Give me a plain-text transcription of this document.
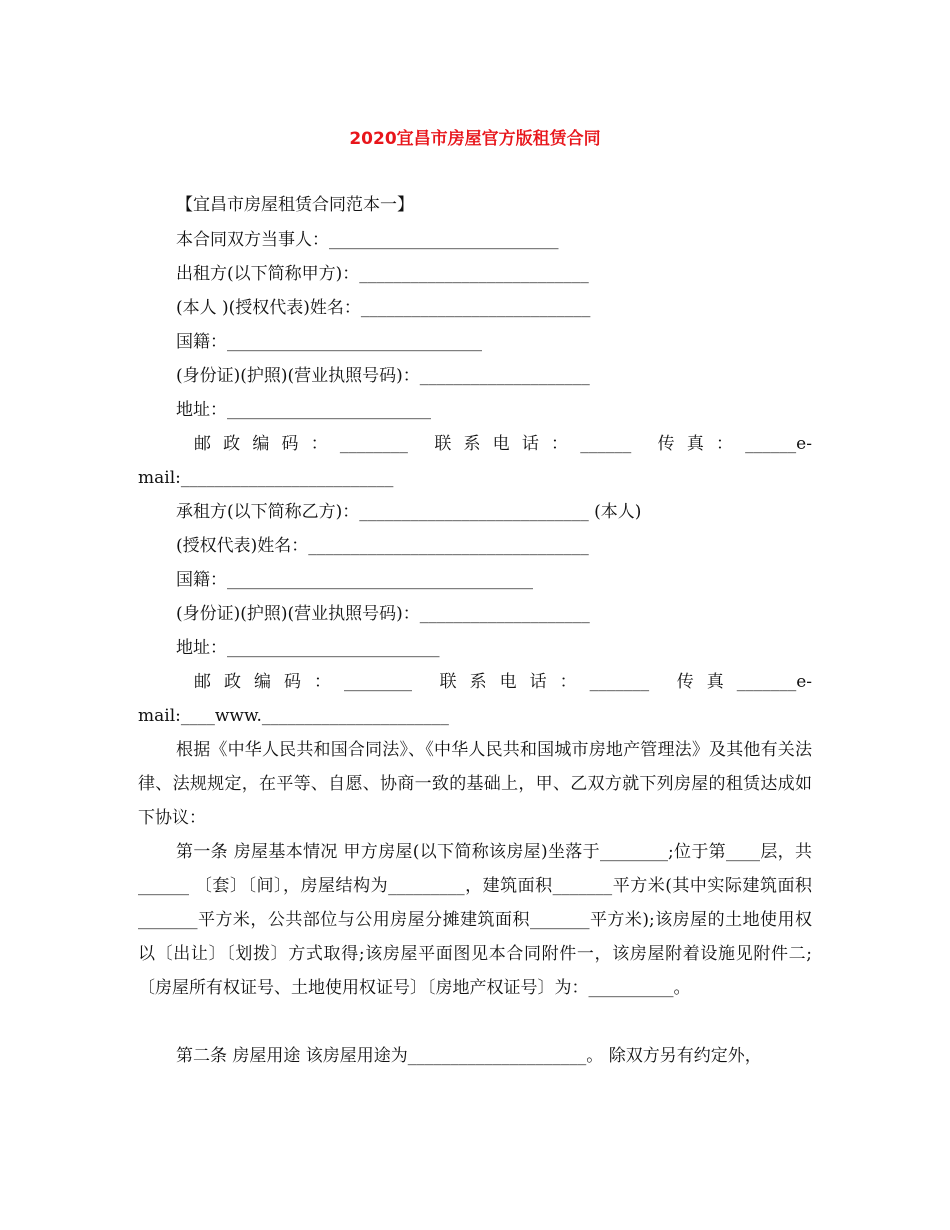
2020宜昌市房屋官方版租赁合同
【宜昌市房屋租赁合同范本一】
本合同双方当事人：___________________________
出租方(以下简称甲方)：___________________________
(本人 )(授权代表)姓名：___________________________
国籍：______________________________
(身份证)(护照)(营业执照号码)：____________________
地址：________________________
邮 政 编 码 ： ________   联 系 电 话 ： ______   传 真 ： ______e-
mail:_________________________
承租方(以下简称乙方)：___________________________ (本人)
(授权代表)姓名：_________________________________
国籍：____________________________________
(身份证)(护照)(营业执照号码)：____________________
地址：_________________________
邮 政 编 码 ： ________   联 系 电 话 ： _______   传 真 _______e-
mail:____www.______________________
根据《中华人民共和国合同法》、《中华人民共和国城市房地产管理法》及其他有关法律、法规规定，在平等、自愿、协商一致的基础上，甲、乙双方就下列房屋的租赁达成如下协议：
第一条 房屋基本情况 甲方房屋(以下简称该房屋)坐落于________;位于第____层，共______ 〔套〕〔间〕，房屋结构为_________，建筑面积_______平方米(其中实际建筑面积_______平方米，公共部位与公用房屋分摊建筑面积_______平方米);该房屋的土地使用权以〔出让〕〔划拨〕方式取得;该房屋平面图见本合同附件一，该房屋附着设施见附件二;〔房屋所有权证号、土地使用权证号〕〔房地产权证号〕为：__________。
第二条 房屋用途 该房屋用途为_____________________。 除双方另有约定外，
